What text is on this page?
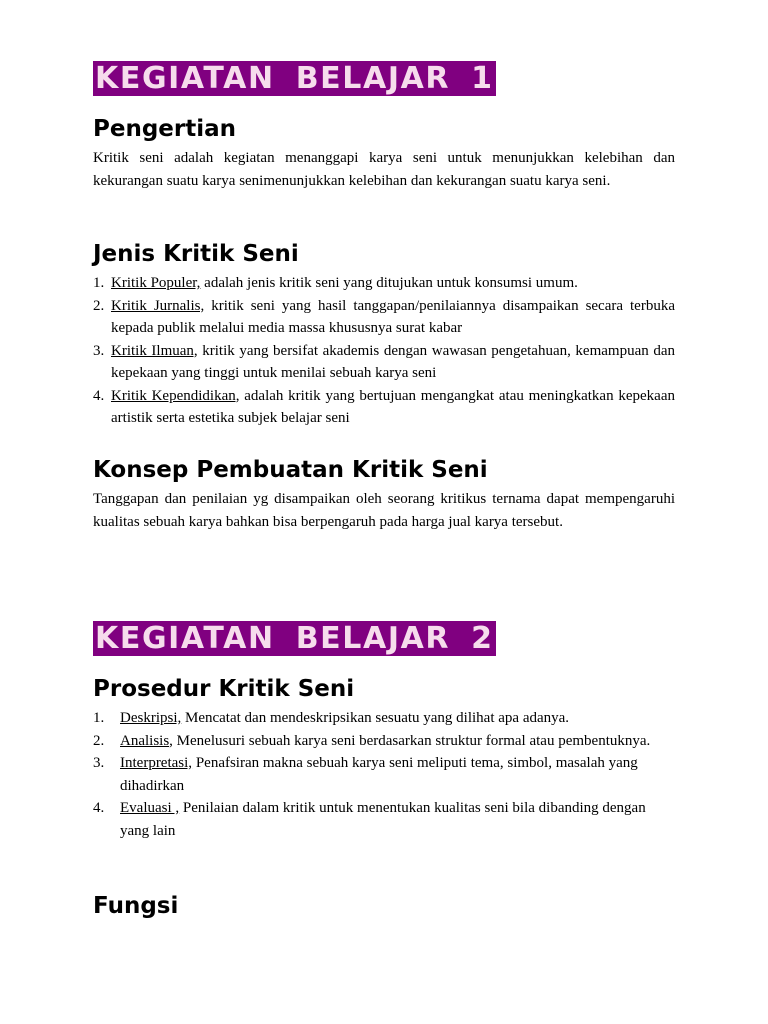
KEGIATAN BELAJAR 1
Pengertian

Kritik seni adalah kegiatan menanggapi karya seni untuk menunjukkan kelebihan dan kekurangan suatu karya senimenunjukkan kelebihan dan kekurangan suatu karya seni.

Jenis Kritik Seni
1. Kritik Populer, adalah jenis kritik seni yang ditujukan untuk konsumsi umum.
2. Kritik Jurnalis, kritik seni yang hasil tanggapan/penilaiannya disampaikan secara terbuka kepada publik melalui media massa khususnya surat kabar
3. Kritik Ilmuan, kritik yang bersifat akademis dengan wawasan pengetahuan, kemampuan dan kepekaan yang tinggi untuk menilai sebuah karya seni
4. Kritik Kependidikan, adalah kritik yang bertujuan mengangkat atau meningkatkan kepekaan artistik serta estetika subjek belajar seni
Konsep Pembuatan Kritik Seni

Tanggapan dan penilaian yg disampaikan oleh seorang kritikus ternama dapat mempengaruhi kualitas sebuah karya bahkan bisa berpengaruh pada harga jual karya tersebut.

KEGIATAN BELAJAR 2
Prosedur Kritik Seni
1. Deskripsi, Mencatat dan mendeskripsikan sesuatu yang dilihat apa adanya.
2. Analisis, Menelusuri sebuah karya seni berdasarkan struktur formal atau pembentuknya.
3. Interpretasi, Penafsiran makna sebuah karya seni meliputi tema, simbol, masalah yang dihadirkan
4. Evaluasi , Penilaian dalam kritik untuk menentukan kualitas seni bila dibanding dengan yang lain
Fungsi
